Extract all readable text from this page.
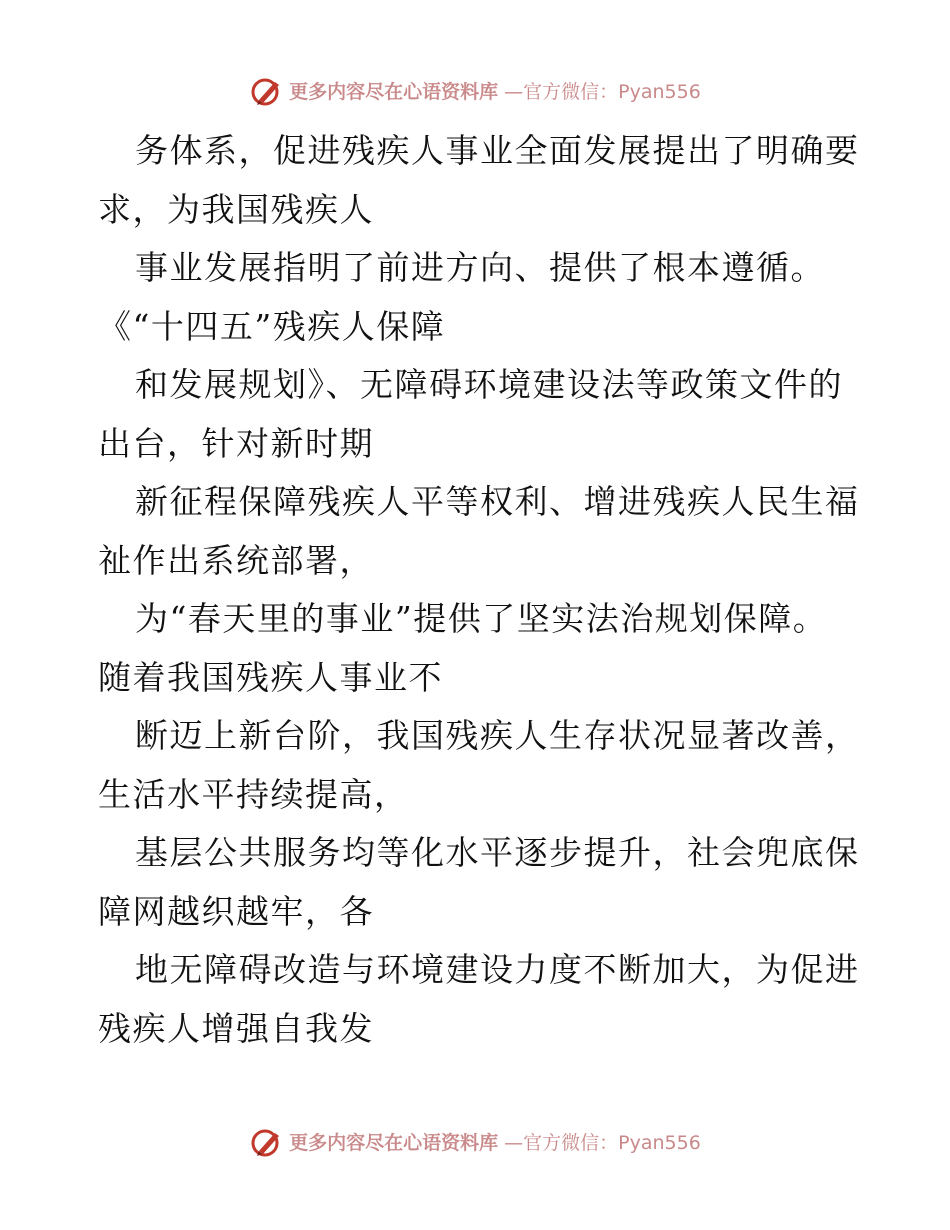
更多内容尽在心语资料库 —官方微信：Pyan556
务体系，促进残疾人事业全面发展提出了明确要
求，为我国残疾人
事业发展指明了前进方向、提供了根本遵循。
《“十四五”残疾人保障
和发展规划》、无障碍环境建设法等政策文件的
出台，针对新时期
新征程保障残疾人平等权利、增进残疾人民生福
祉作出系统部署，
为“春天里的事业”提供了坚实法治规划保障。
随着我国残疾人事业不
断迈上新台阶，我国残疾人生存状况显著改善，
生活水平持续提高，
基层公共服务均等化水平逐步提升，社会兜底保
障网越织越牢，各
地无障碍改造与环境建设力度不断加大，为促进
残疾人增强自我发
更多内容尽在心语资料库 —官方微信：Pyan556
